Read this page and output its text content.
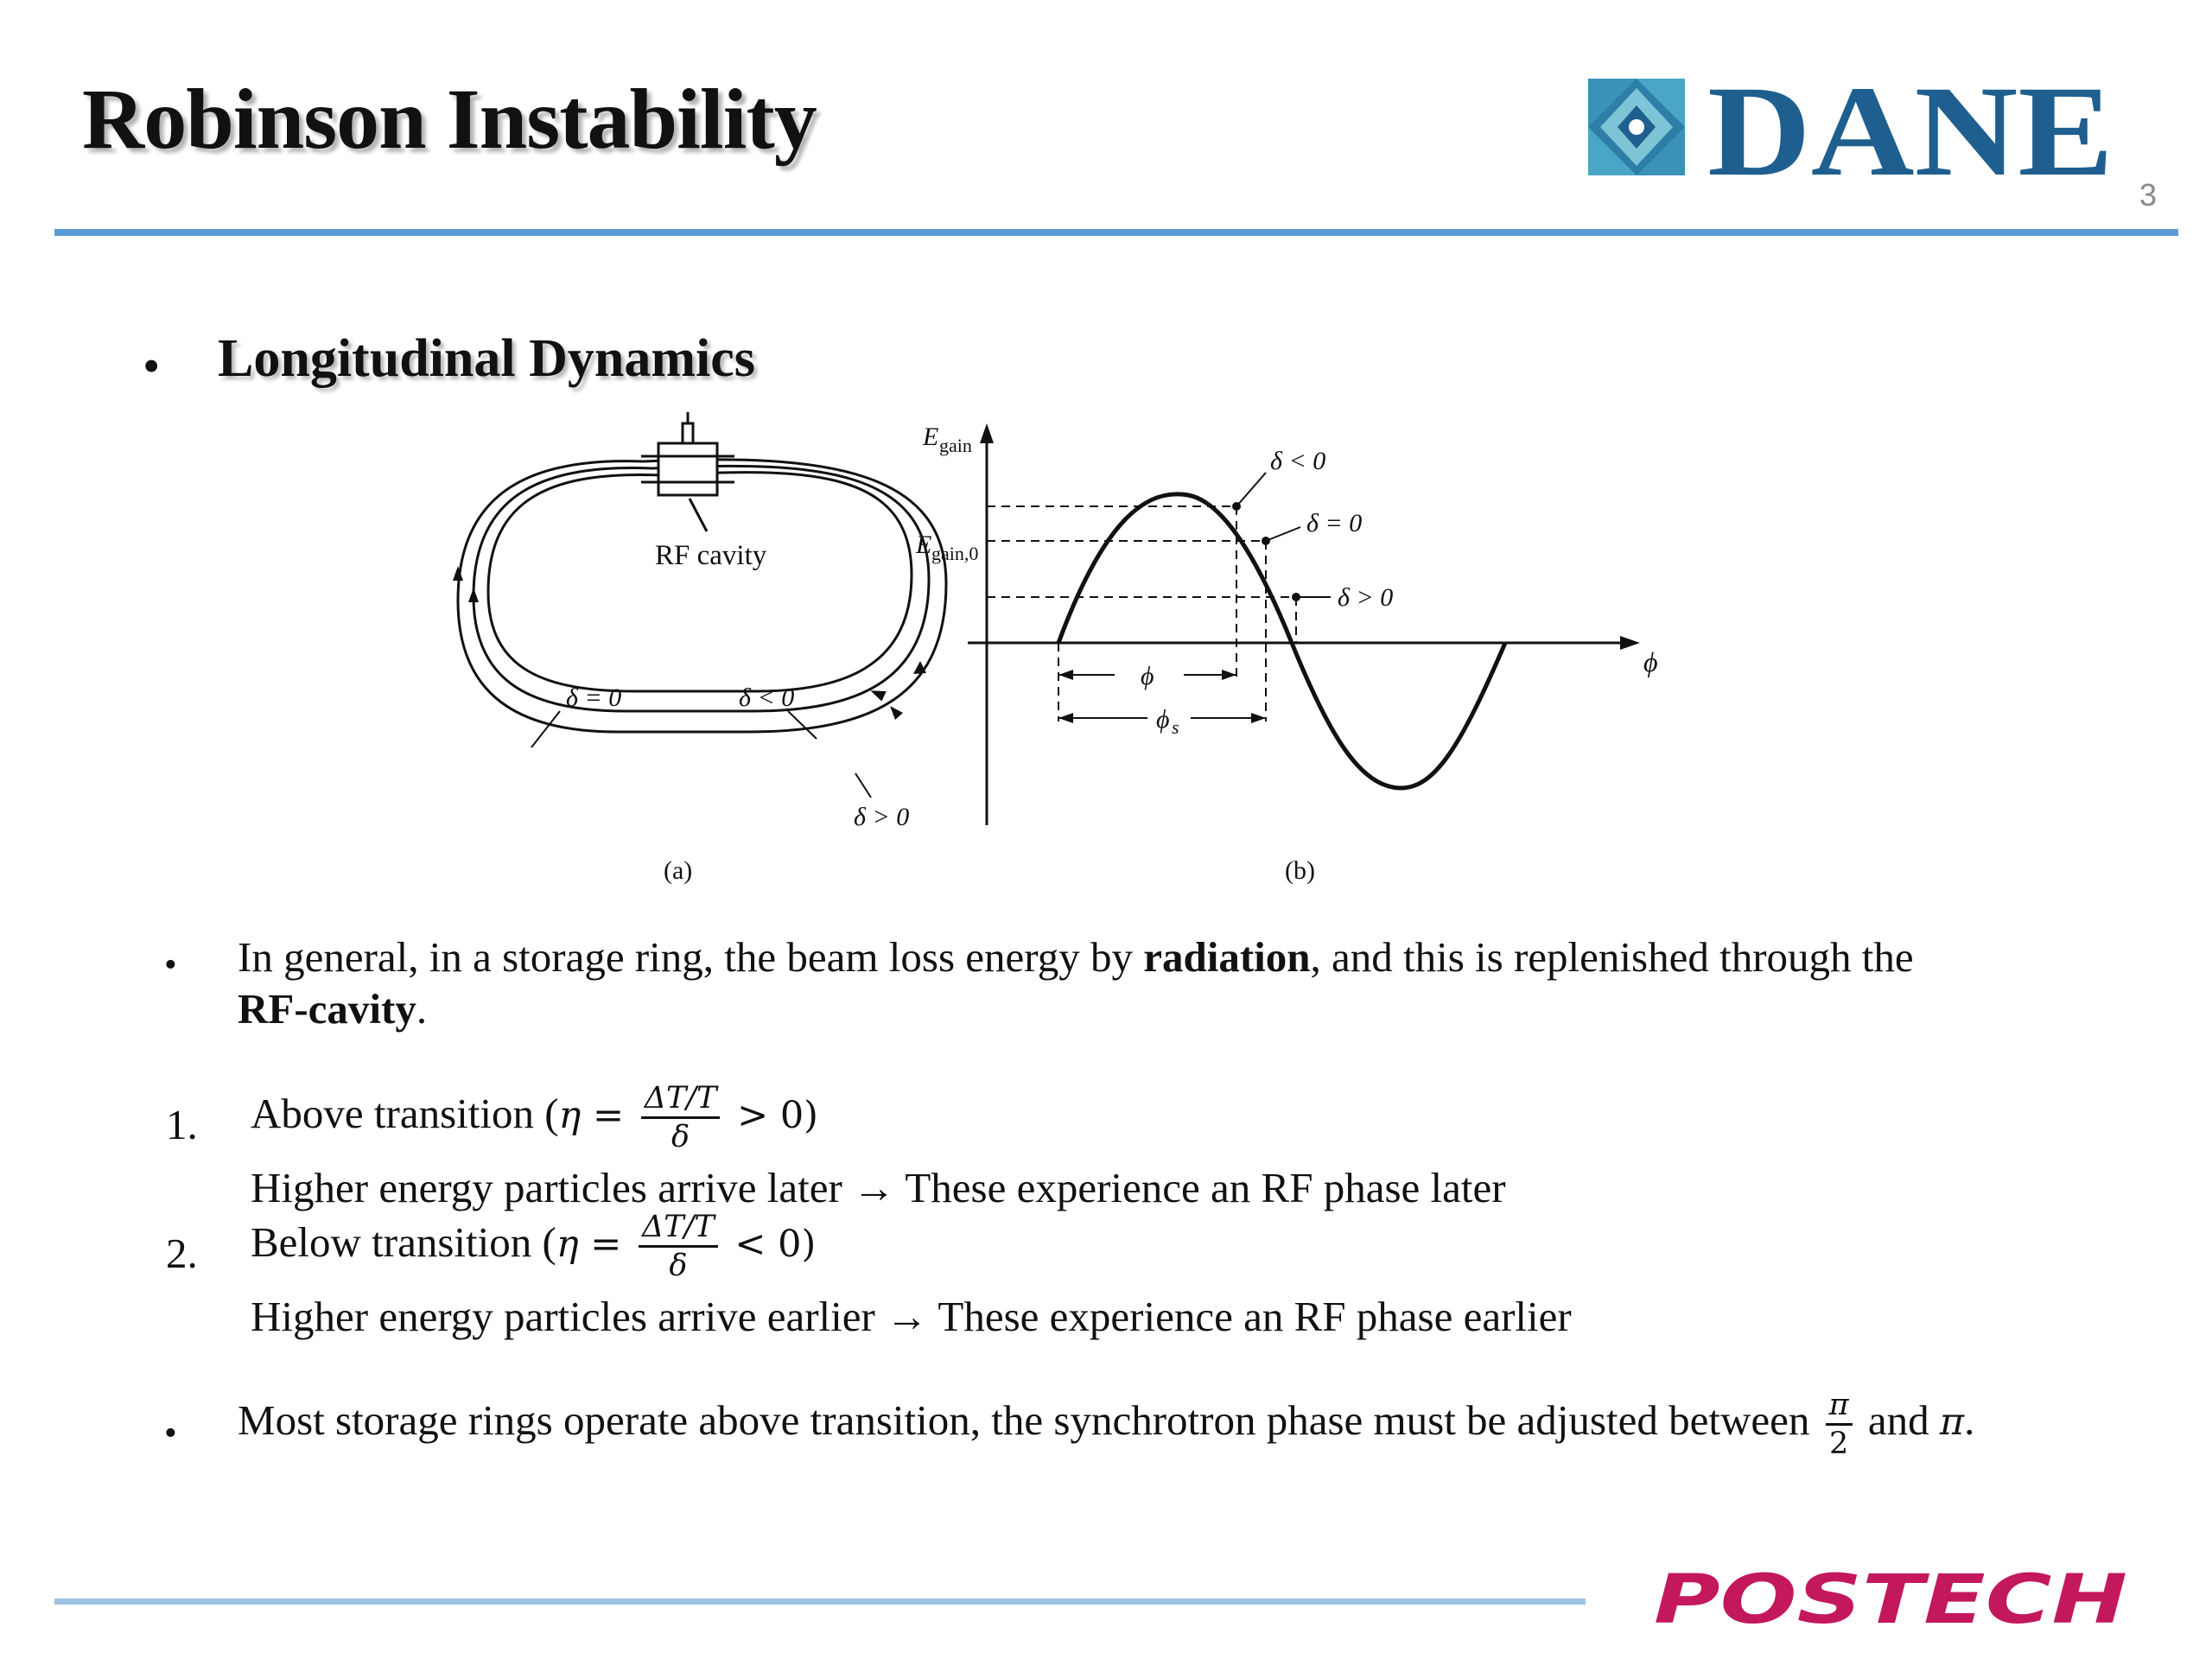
Robinson Instability	DANE 3
• Longitudinal Dynamics
RF cavity
δ = 0	δ < 0
δ > 0
(a)
E gain
E gain,0
ϕ
δ < 0
δ = 0
δ > 0
ϕ
ϕ s
(b)
• In general, in a storage ring, the beam loss energy by radiation, and this is replenished through the
RF-cavity.
1. Above transition $(\eta = \frac{\Delta T/T}{\delta} > 0)$
Higher energy particles arrive later → These experience an RF phase later
2. Below transition $(\eta = \frac{\Delta T/T}{\delta} < 0)$
Higher energy particles arrive earlier → These experience an RF phase earlier
• Most storage rings operate above transition, the synchrotron phase must be adjusted between $\frac{\pi}{2}$ and π.
POSTECH
